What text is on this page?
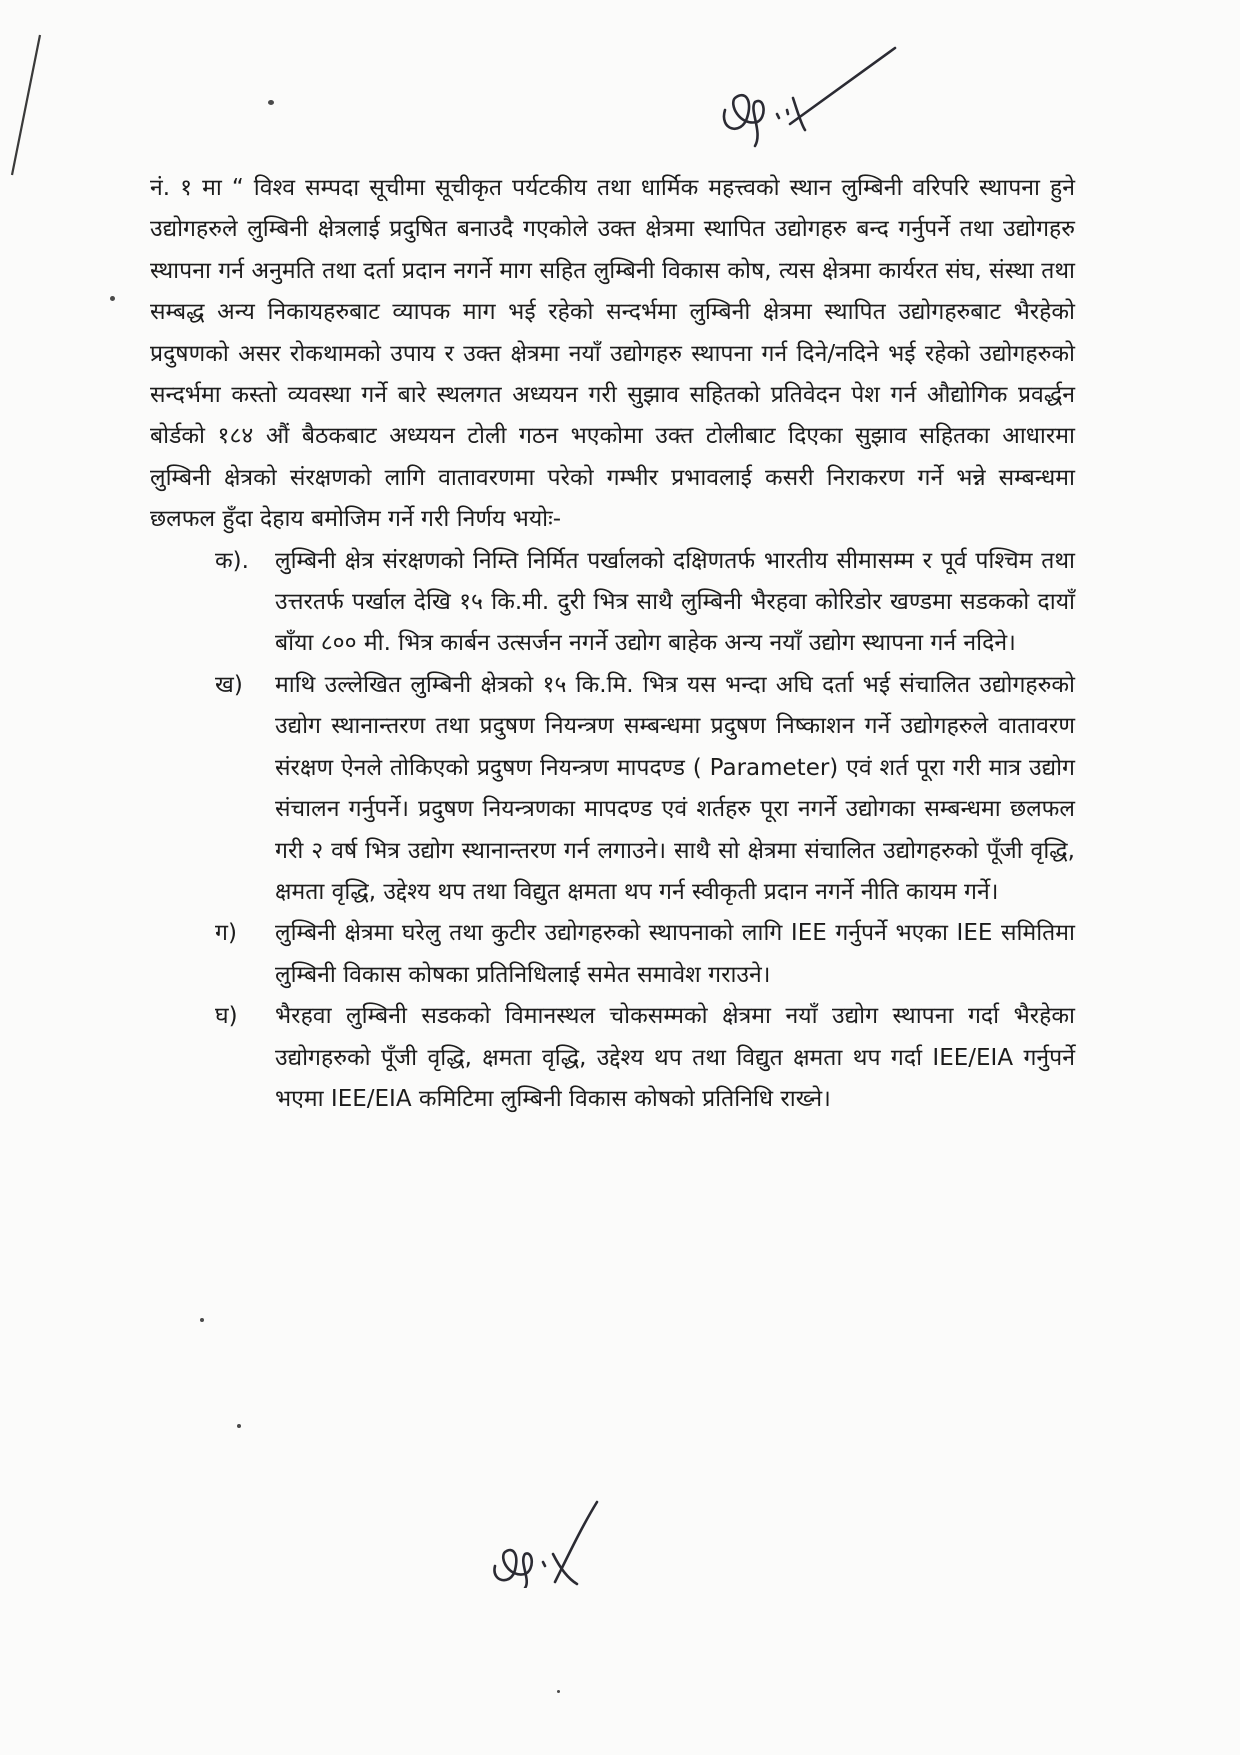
नं. १ मा “ विश्व सम्पदा सूचीमा सूचीकृत पर्यटकीय तथा धार्मिक महत्त्वको स्थान लुम्बिनी वरिपरि स्थापना हुने उद्योगहरुले लुम्बिनी क्षेत्रलाई प्रदुषित बनाउदै गएकोले उक्त क्षेत्रमा स्थापित उद्योगहरु बन्द गर्नुपर्ने तथा उद्योगहरु स्थापना गर्न अनुमति तथा दर्ता प्रदान नगर्ने माग सहित लुम्बिनी विकास कोष, त्यस क्षेत्रमा कार्यरत संघ, संस्था तथा सम्बद्ध अन्य निकायहरुबाट व्यापक माग भई रहेको सन्दर्भमा लुम्बिनी क्षेत्रमा स्थापित उद्योगहरुबाट भैरहेको प्रदुषणको असर रोकथामको उपाय र उक्त क्षेत्रमा नयाँ उद्योगहरु स्थापना गर्न दिने/नदिने भई रहेको उद्योगहरुको सन्दर्भमा कस्तो व्यवस्था गर्ने बारे स्थलगत अध्ययन गरी सुझाव सहितको प्रतिवेदन पेश गर्न औद्योगिक प्रवर्द्धन बोर्डको १८४ औं बैठकबाट अध्ययन टोली गठन भएकोमा उक्त टोलीबाट दिएका सुझाव सहितका आधारमा लुम्बिनी क्षेत्रको संरक्षणको लागि वातावरणमा परेको गम्भीर प्रभावलाई कसरी निराकरण गर्ने भन्ने सम्बन्धमा छलफल हुँदा देहाय बमोजिम गर्ने गरी निर्णय भयोः-

क).	लुम्बिनी क्षेत्र संरक्षणको निम्ति निर्मित पर्खालको दक्षिणतर्फ भारतीय सीमासम्म र पूर्व पश्चिम तथा उत्तरतर्फ पर्खाल देखि १५ कि.मी. दुरी भित्र साथै लुम्बिनी भैरहवा कोरिडोर खण्डमा सडकको दायाँ बाँया ८०० मी. भित्र कार्बन उत्सर्जन नगर्ने उद्योग बाहेक अन्य नयाँ उद्योग स्थापना गर्न नदिने।
ख)	माथि उल्लेखित लुम्बिनी क्षेत्रको १५ कि.मि. भित्र यस भन्दा अघि दर्ता भई संचालित उद्योगहरुको उद्योग स्थानान्तरण तथा प्रदुषण नियन्त्रण सम्बन्धमा प्रदुषण निष्काशन गर्ने उद्योगहरुले वातावरण संरक्षण ऐनले तोकिएको प्रदुषण नियन्त्रण मापदण्ड ( Parameter) एवं शर्त पूरा गरी मात्र उद्योग संचालन गर्नुपर्ने। प्रदुषण नियन्त्रणका मापदण्ड एवं शर्तहरु पूरा नगर्ने उद्योगका सम्बन्धमा छलफल गरी २ वर्ष भित्र उद्योग स्थानान्तरण गर्न लगाउने। साथै सो क्षेत्रमा संचालित उद्योगहरुको पूँजी वृद्धि, क्षमता वृद्धि, उद्देश्य थप तथा विद्युत क्षमता थप गर्न स्वीकृती प्रदान नगर्ने नीति कायम गर्ने।
ग)	लुम्बिनी क्षेत्रमा घरेलु तथा कुटीर उद्योगहरुको स्थापनाको लागि IEE गर्नुपर्ने भएका IEE समितिमा लुम्बिनी विकास कोषका प्रतिनिधिलाई समेत समावेश गराउने।
घ)	भैरहवा लुम्बिनी सडकको विमानस्थल चोकसम्मको क्षेत्रमा नयाँ उद्योग स्थापना गर्दा भैरहेका उद्योगहरुको पूँजी वृद्धि, क्षमता वृद्धि, उद्देश्य थप तथा विद्युत क्षमता थप गर्दा IEE/EIA गर्नुपर्ने भएमा IEE/EIA कमिटिमा लुम्बिनी विकास कोषको प्रतिनिधि राख्ने।
